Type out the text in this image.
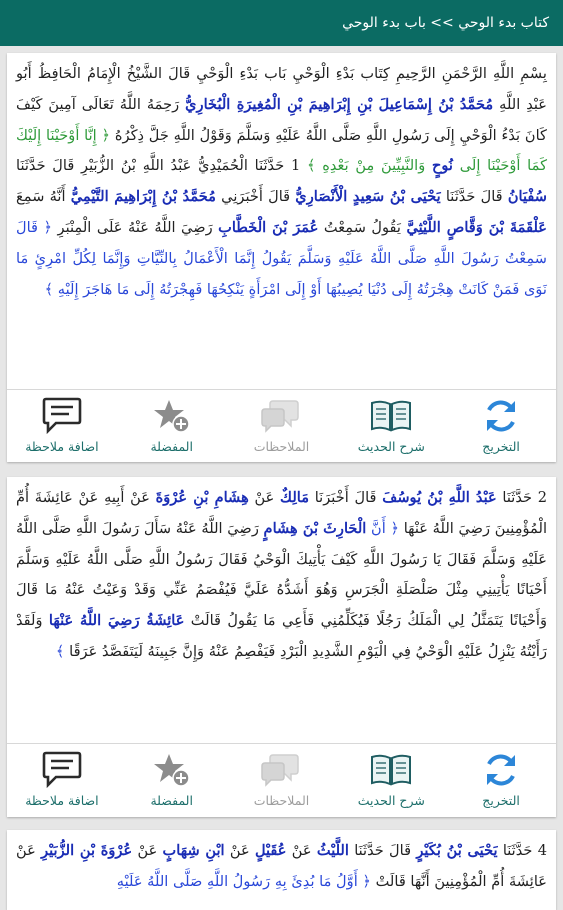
كتاب بدء الوحي >> باب بدء الوحي
بِسْمِ اللَّهِ الرَّحْمَنِ الرَّحِيمِ كِتَاب بَدْءِ الْوَحْيِ بَاب بَدْءِ الْوَحْيِ قَالَ الشَّيْخُ الْإِمَامُ الْحَافِظُ أَبُو عَبْدِ اللَّهِ مُحَمَّدُ بْنُ إِسْمَاعِيلَ بْنِ إِبْرَاهِيمَ بْنِ الْمُغِيرَةِ الْبُخَارِيُّ رَحِمَهُ اللَّهُ تَعَالَى آمِينَ كَيْفَ كَانَ بَدْءُ الْوَحْيِ إِلَى رَسُولِ اللَّهِ صَلَّى اللَّهُ عَلَيْهِ وَسَلَّمَ وَقَوْلُ اللَّهِ جَلَّ ذِكْرُهُ ﴿ إِنَّا أَوْحَيْنَا إِلَيْكَ كَمَا أَوْحَيْنَا إِلَى نُوحٍ وَالنَّبِيِّينَ مِنْ بَعْدِهِ ﴾ 1 حَدَّثَنَا الْحُمَيْدِيُّ عَبْدُ اللَّهِ بْنُ الزُّبَيْرِ قَالَ حَدَّثَنَا سُفْيَانُ قَالَ حَدَّثَنَا يَحْيَى بْنُ سَعِيدٍ الْأَنْصَارِيُّ قَالَ أَخْبَرَنِي مُحَمَّدُ بْنُ إِبْرَاهِيمَ التَّيْمِيُّ أَنَّهُ سَمِعَ عَلْقَمَةَ بْنَ وَقَّاصٍ اللَّيْثِيَّ يَقُولُ سَمِعْتُ عُمَرَ بْنَ الْخَطَّابِ رَضِيَ اللَّهُ عَنْهُ عَلَى الْمِنْبَرِ ﴿ قَالَ سَمِعْتُ رَسُولَ اللَّهِ صَلَّى اللَّهُ عَلَيْهِ وَسَلَّمَ يَقُولُ إِنَّمَا الْأَعْمَالُ بِالنِّيَّاتِ وَإِنَّمَا لِكُلِّ امْرِئٍ مَا نَوَى فَمَنْ كَانَتْ هِجْرَتُهُ إِلَى دُنْيَا يُصِيبُهَا أَوْ إِلَى امْرَأَةٍ يَنْكِحُهَا فَهِجْرَتُهُ إِلَى مَا هَاجَرَ إِلَيْهِ ﴾
اضافة ملاحظة	المفضلة	الملاحظات	شرح الحديث	التخريج
2 حَدَّثَنَا عَبْدُ اللَّهِ بْنُ يُوسُفَ قَالَ أَخْبَرَنَا مَالِكٌ عَنْ هِشَامِ بْنِ عُرْوَةَ عَنْ أَبِيهِ عَنْ عَائِشَةَ أُمِّ الْمُؤْمِنِينَ رَضِيَ اللَّهُ عَنْهَا ﴿ أَنَّ الْحَارِثَ بْنَ هِشَامٍ رَضِيَ اللَّهُ عَنْهُ سَأَلَ رَسُولَ اللَّهِ صَلَّى اللَّهُ عَلَيْهِ وَسَلَّمَ فَقَالَ يَا رَسُولَ اللَّهِ كَيْفَ يَأْتِيكَ الْوَحْيُ فَقَالَ رَسُولُ اللَّهِ صَلَّى اللَّهُ عَلَيْهِ وَسَلَّمَ أَحْيَانًا يَأْتِينِي مِثْلَ صَلْصَلَةِ الْجَرَسِ وَهُوَ أَشَدُّهُ عَلَيَّ فَيُفْصَمُ عَنِّي وَقَدْ وَعَيْتُ عَنْهُ مَا قَالَ وَأَحْيَانًا يَتَمَثَّلُ لِي الْمَلَكُ رَجُلًا فَيُكَلِّمُنِي فَأَعِي مَا يَقُولُ قَالَتْ عَائِشَةُ رَضِيَ اللَّهُ عَنْهَا وَلَقَدْ رَأَيْتُهُ يَنْزِلُ عَلَيْهِ الْوَحْيُ فِي الْيَوْمِ الشَّدِيدِ الْبَرْدِ فَيَفْصِمُ عَنْهُ وَإِنَّ جَبِينَهُ لَيَتَفَصَّدُ عَرَقًا ﴾
اضافة ملاحظة	المفضلة	الملاحظات	شرح الحديث	التخريج
4 حَدَّثَنَا يَحْيَى بْنُ بُكَيْرٍ قَالَ حَدَّثَنَا اللَّيْثُ عَنْ عُقَيْلٍ عَنْ ابْنِ شِهَابٍ عَنْ عُرْوَةَ بْنِ الزُّبَيْرِ عَنْ عَائِشَةَ أُمِّ الْمُؤْمِنِينَ أَنَّهَا قَالَتْ ﴿ أَوَّلُ مَا بُدِئَ بِهِ رَسُولُ اللَّهِ صَلَّى اللَّهُ عَلَيْهِ
